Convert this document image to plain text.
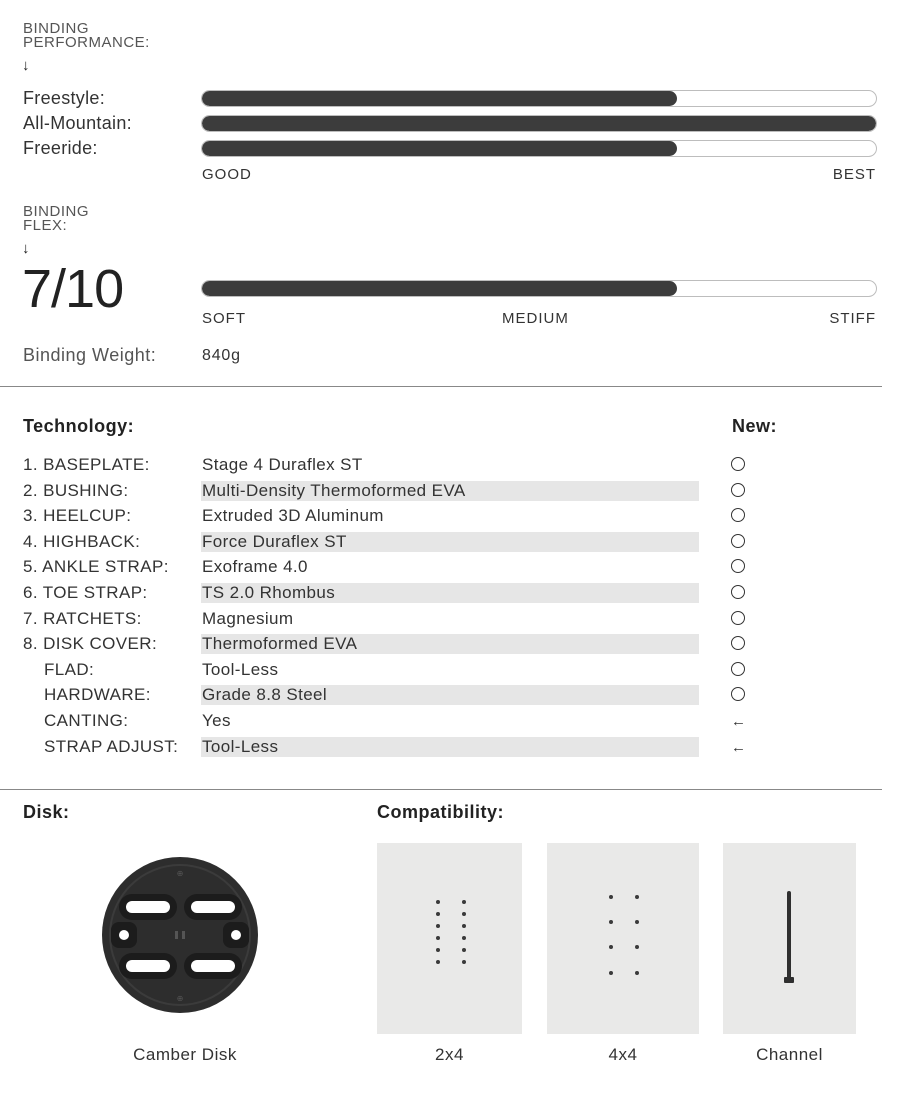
BINDING PERFORMANCE:
↓
Freestyle:
All-Mountain:
Freeride:
GOOD	BEST
BINDING FLEX:
↓
7/10	SOFT	MEDIUM	STIFF
Binding Weight:	840g
Technology:	New:
1. BASEPLATE:	Stage 4 Duraflex ST
2. BUSHING:	Multi-Density Thermoformed EVA
3. HEELCUP:	Extruded 3D Aluminum
4. HIGHBACK:	Force Duraflex ST
5. ANKLE STRAP: Exoframe 4.0
6. TOE STRAP:	TS 2.0 Rhombus
7. RATCHETS:	Magnesium
8. DISK COVER:	Thermoformed EVA
FLAD:	Tool-Less
HARDWARE:	Grade 8.8 Steel
CANTING:	Yes	←
STRAP ADJUST: Tool-Less	←
Disk:
⊕
⊕
Camber Disk
Compatibility:
2x4	4x4	Channel
